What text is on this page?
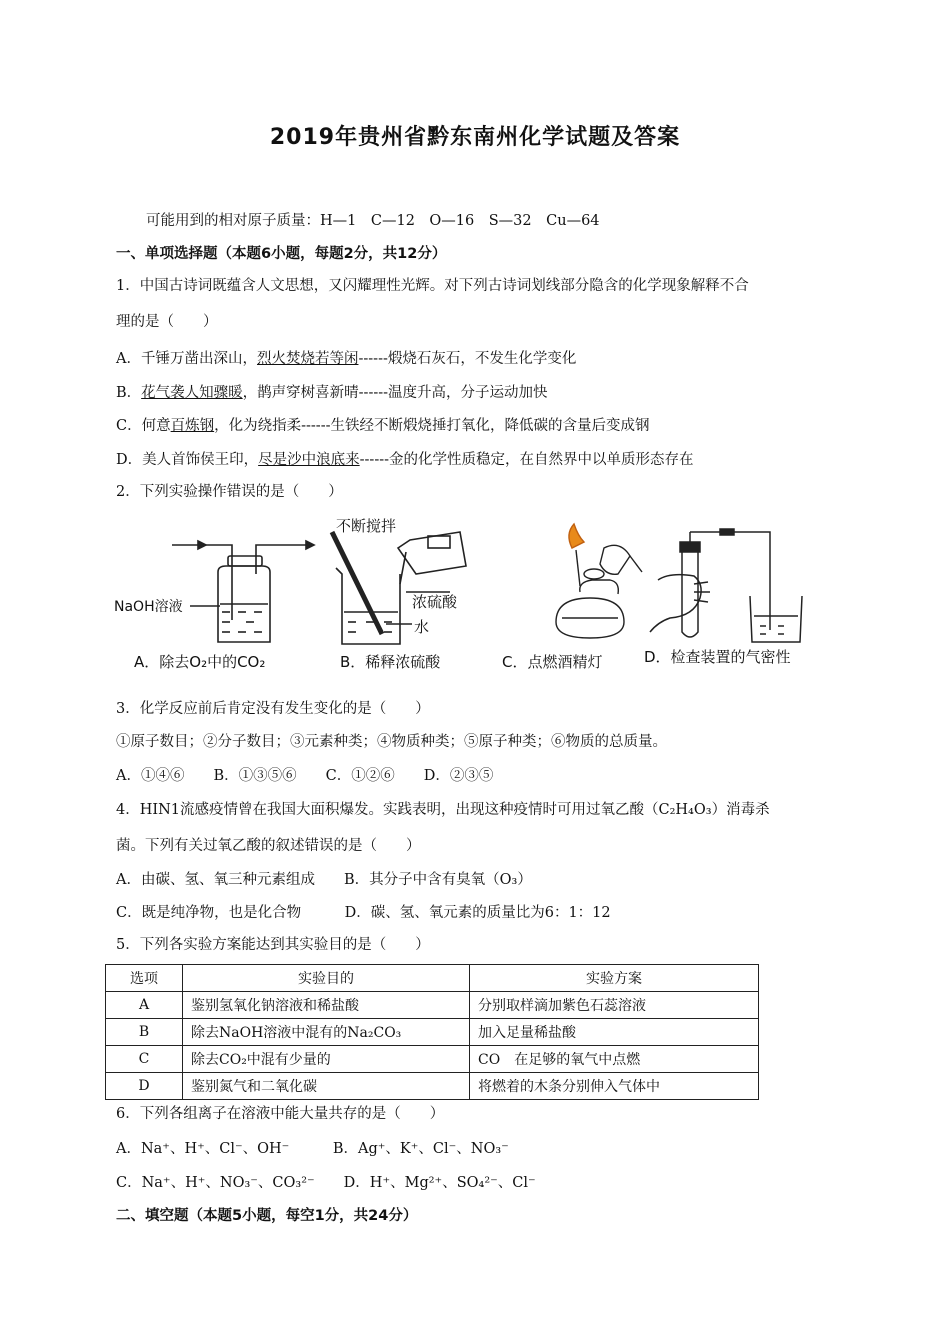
2019年贵州省黔东南州化学试题及答案
可能用到的相对原子质量：H—1　C—12　O—16　S—32　Cu—64
一、单项选择题（本题6小题，每题2分，共12分）
1．中国古诗词既蕴含人文思想，又闪耀理性光辉。对下列古诗词划线部分隐含的化学现象解释不合
理的是（　　）
A．千锤万凿出深山，烈火焚烧若等闲------煅烧石灰石，不发生化学变化
B．花气袭人知骤暖，鹊声穿树喜新晴------温度升高，分子运动加快
C．何意百炼钢，化为绕指柔------生铁经不断煅烧捶打氧化，降低碳的含量后变成钢
D．美人首饰侯王印，尽是沙中浪底来------金的化学性质稳定，在自然界中以单质形态存在
2．下列实验操作错误的是（　　）
NaOH溶液
A．除去O₂中的CO₂
不断搅拌
浓硫酸
水
B．稀释浓硫酸	C．点燃酒精灯	D．检查装置的气密性
3．化学反应前后肯定没有发生变化的是（　　）
①原子数目；②分子数目；③元素种类；④物质种类；⑤原子种类；⑥物质的总质量。
A．①④⑥　　B．①③⑤⑥　　C．①②⑥　　D．②③⑤
4．HIN1流感疫情曾在我国大面积爆发。实践表明，出现这种疫情时可用过氧乙酸（C₂H₄O₃）消毒杀
菌。下列有关过氧乙酸的叙述错误的是（　　）
A．由碳、氢、氧三种元素组成　　B．其分子中含有臭氧（O₃）
C．既是纯净物，也是化合物　　　D．碳、氢、氧元素的质量比为6：1：12
5．下列各实验方案能达到其实验目的是（　　）
选项	实验目的	实验方案
A	鉴别氢氧化钠溶液和稀盐酸	分别取样滴加紫色石蕊溶液
B	除去NaOH溶液中混有的Na₂CO₃	加入足量稀盐酸
C	除去CO₂中混有少量的	CO　在足够的氧气中点燃
D	鉴别氮气和二氧化碳	将燃着的木条分别伸入气体中
6．下列各组离子在溶液中能大量共存的是（　　）
A．Na⁺、H⁺、Cl⁻、OH⁻　　　B．Ag⁺、K⁺、Cl⁻、NO₃⁻
C．Na⁺、H⁺、NO₃⁻、CO₃²⁻　　D．H⁺、Mg²⁺、SO₄²⁻、Cl⁻
二、填空题（本题5小题，每空1分，共24分）
